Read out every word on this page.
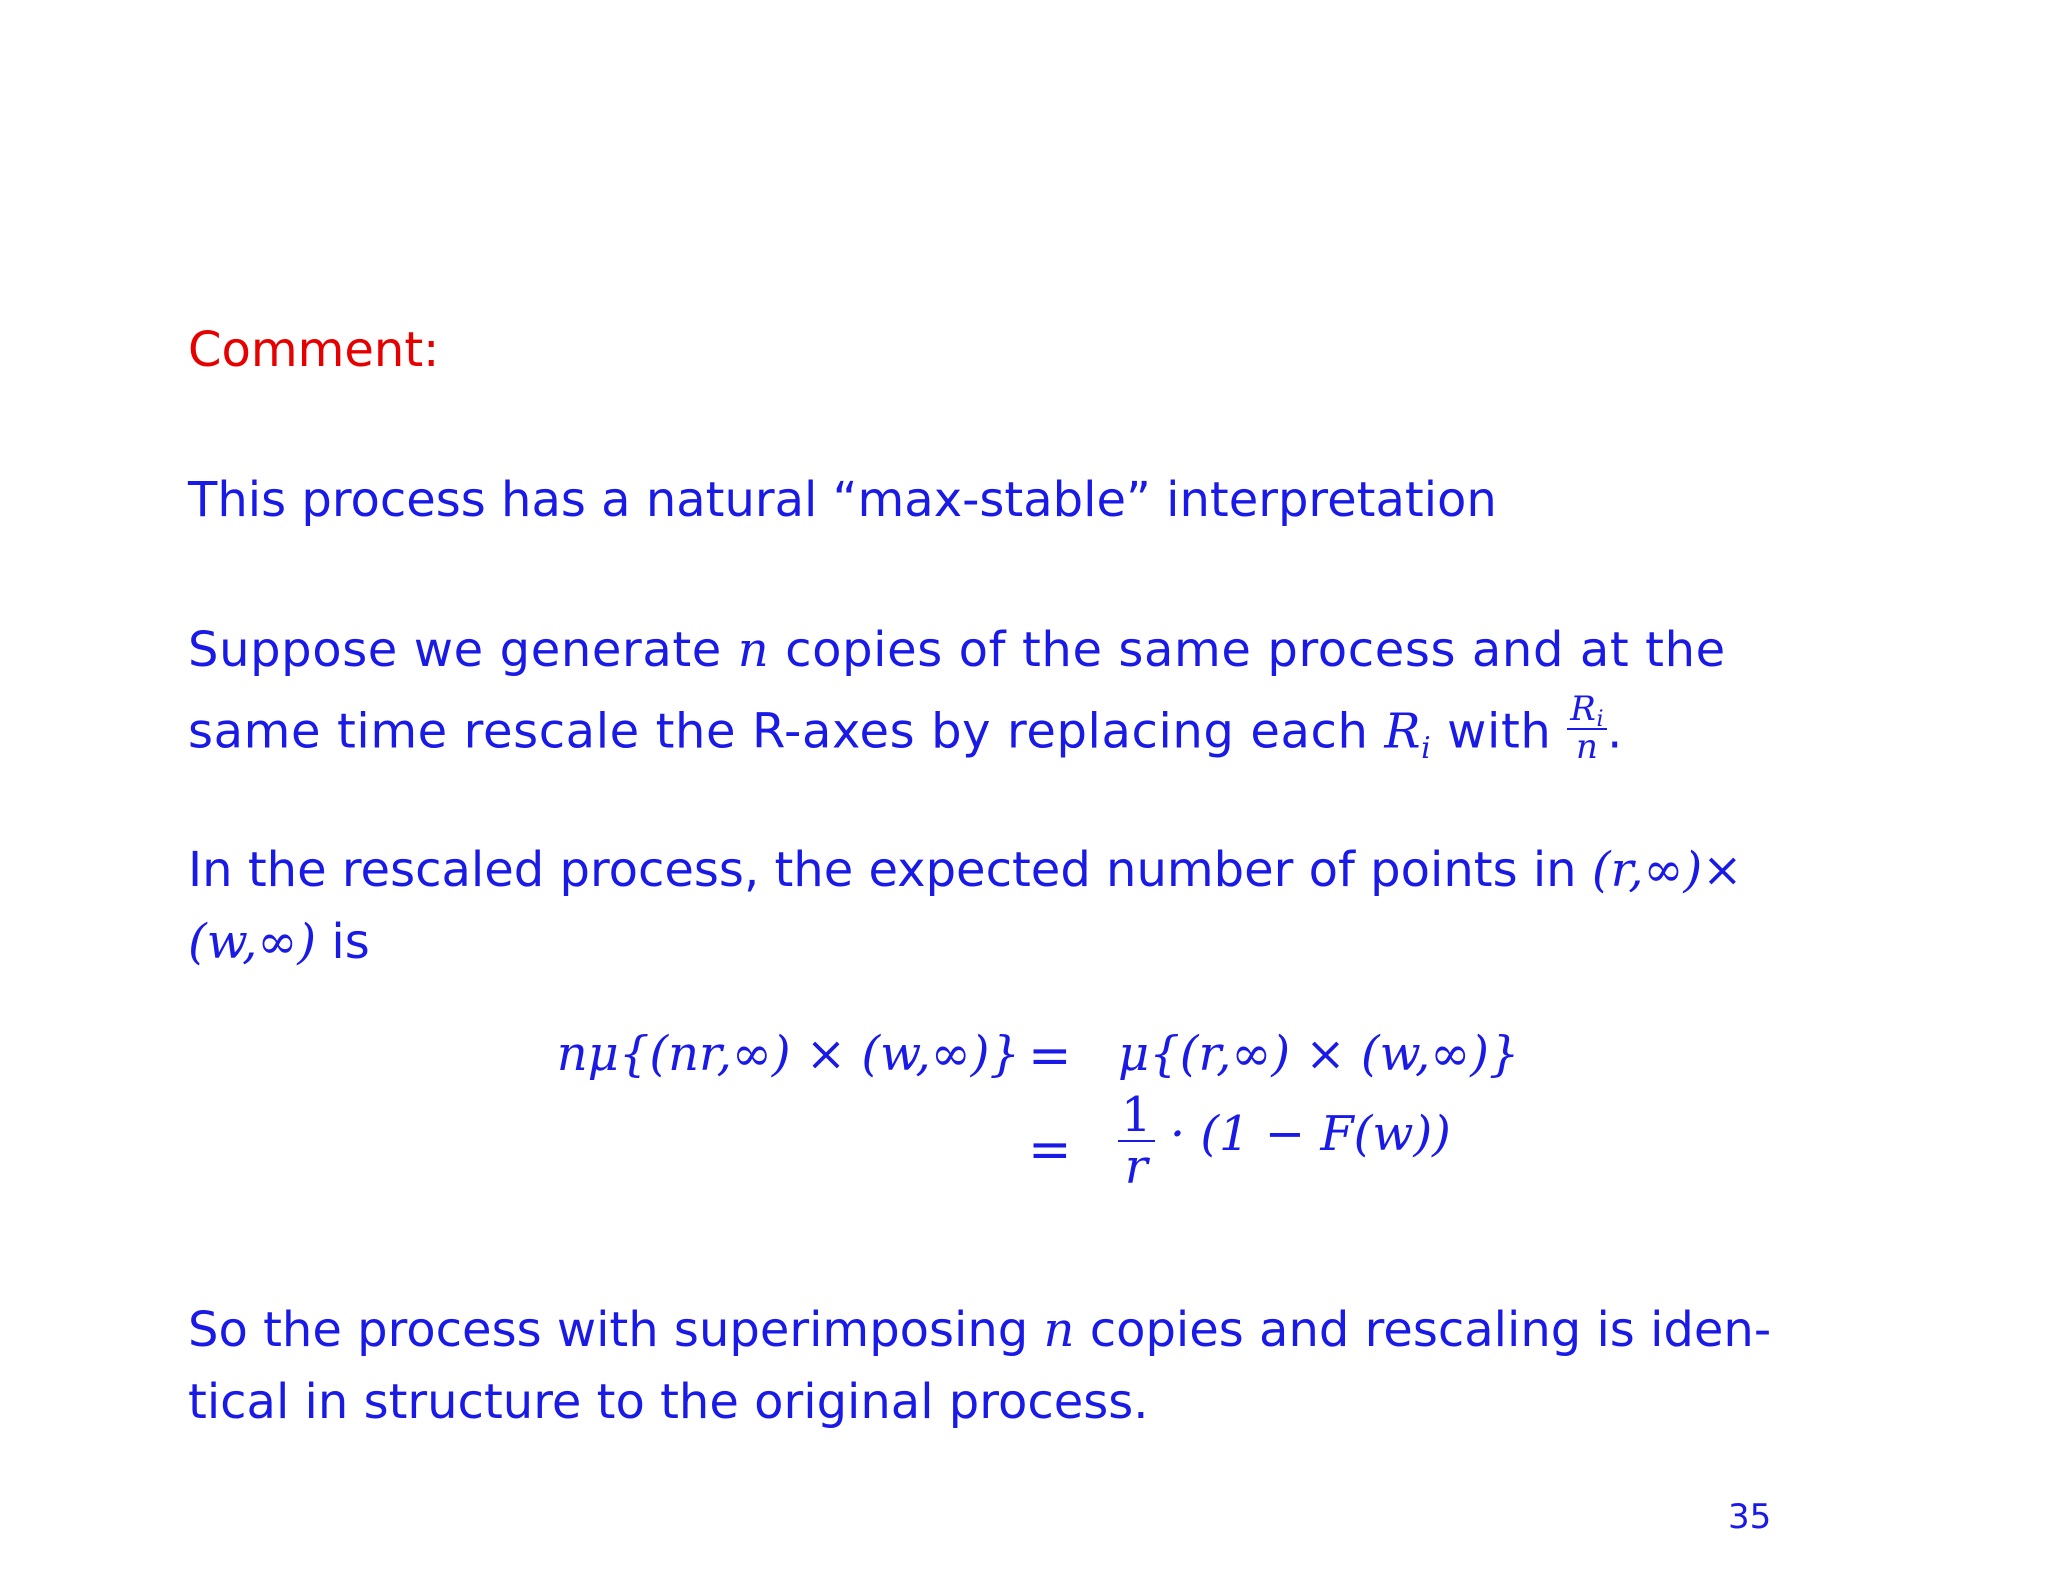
Comment:
This process has a natural “max-stable” interpretation
Suppose we generate n copies of the same process and at the
same time rescale the R-axes by replacing each $R_i$ with $\frac{Ri}{n}$ .
In the rescaled process, the expected number of points in (r,∞)×
(w,∞) is
nμ{(nr,∞) × (w,∞)} = μ{(r,∞) × (w,∞)}
= $\frac{1}{r} \cdot (1 - F(w))$
So the process with superimposing n copies and rescaling is iden-
tical in structure to the original process.
35
